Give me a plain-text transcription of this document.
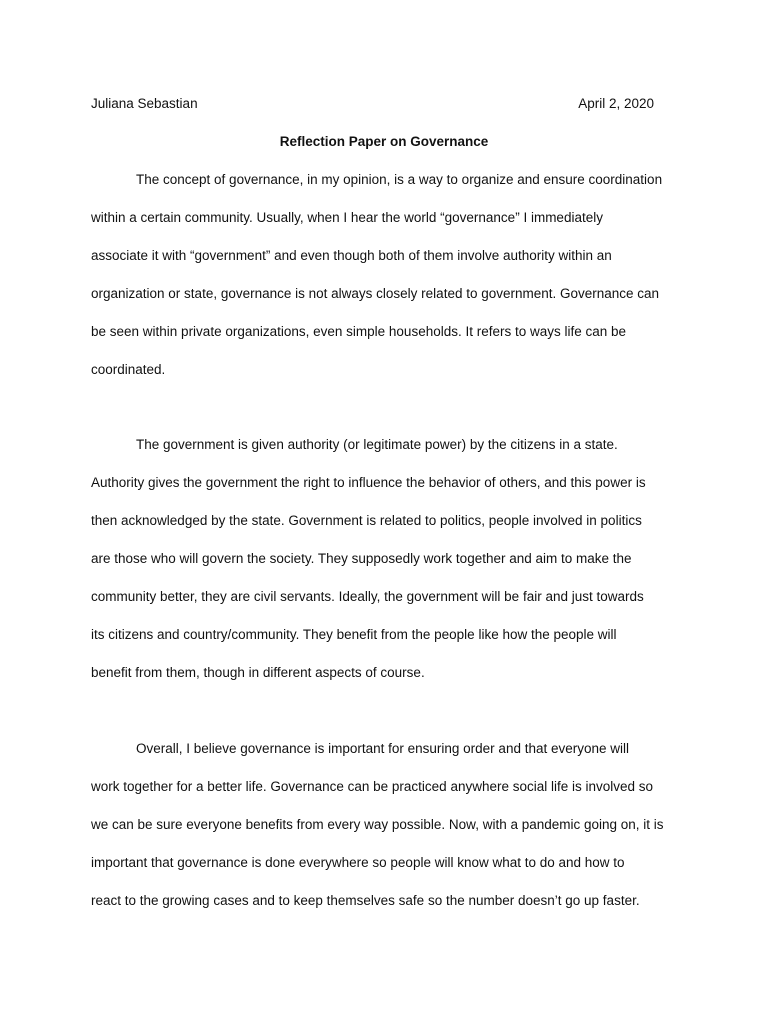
Juliana Sebastian	April 2, 2020
Reflection Paper on Governance
The concept of governance, in my opinion, is a way to organize and ensure coordination
within a certain community. Usually, when I hear the world “governance” I immediately
associate it with “government” and even though both of them involve authority within an
organization or state, governance is not always closely related to government. Governance can
be seen within private organizations, even simple households. It refers to ways life can be
coordinated.
The government is given authority (or legitimate power) by the citizens in a state.
Authority gives the government the right to influence the behavior of others, and this power is
then acknowledged by the state. Government is related to politics, people involved in politics
are those who will govern the society. They supposedly work together and aim to make the
community better, they are civil servants. Ideally, the government will be fair and just towards
its citizens and country/community. They benefit from the people like how the people will
benefit from them, though in different aspects of course.
Overall, I believe governance is important for ensuring order and that everyone will
work together for a better life. Governance can be practiced anywhere social life is involved so
we can be sure everyone benefits from every way possible. Now, with a pandemic going on, it is
important that governance is done everywhere so people will know what to do and how to
react to the growing cases and to keep themselves safe so the number doesn’t go up faster.
